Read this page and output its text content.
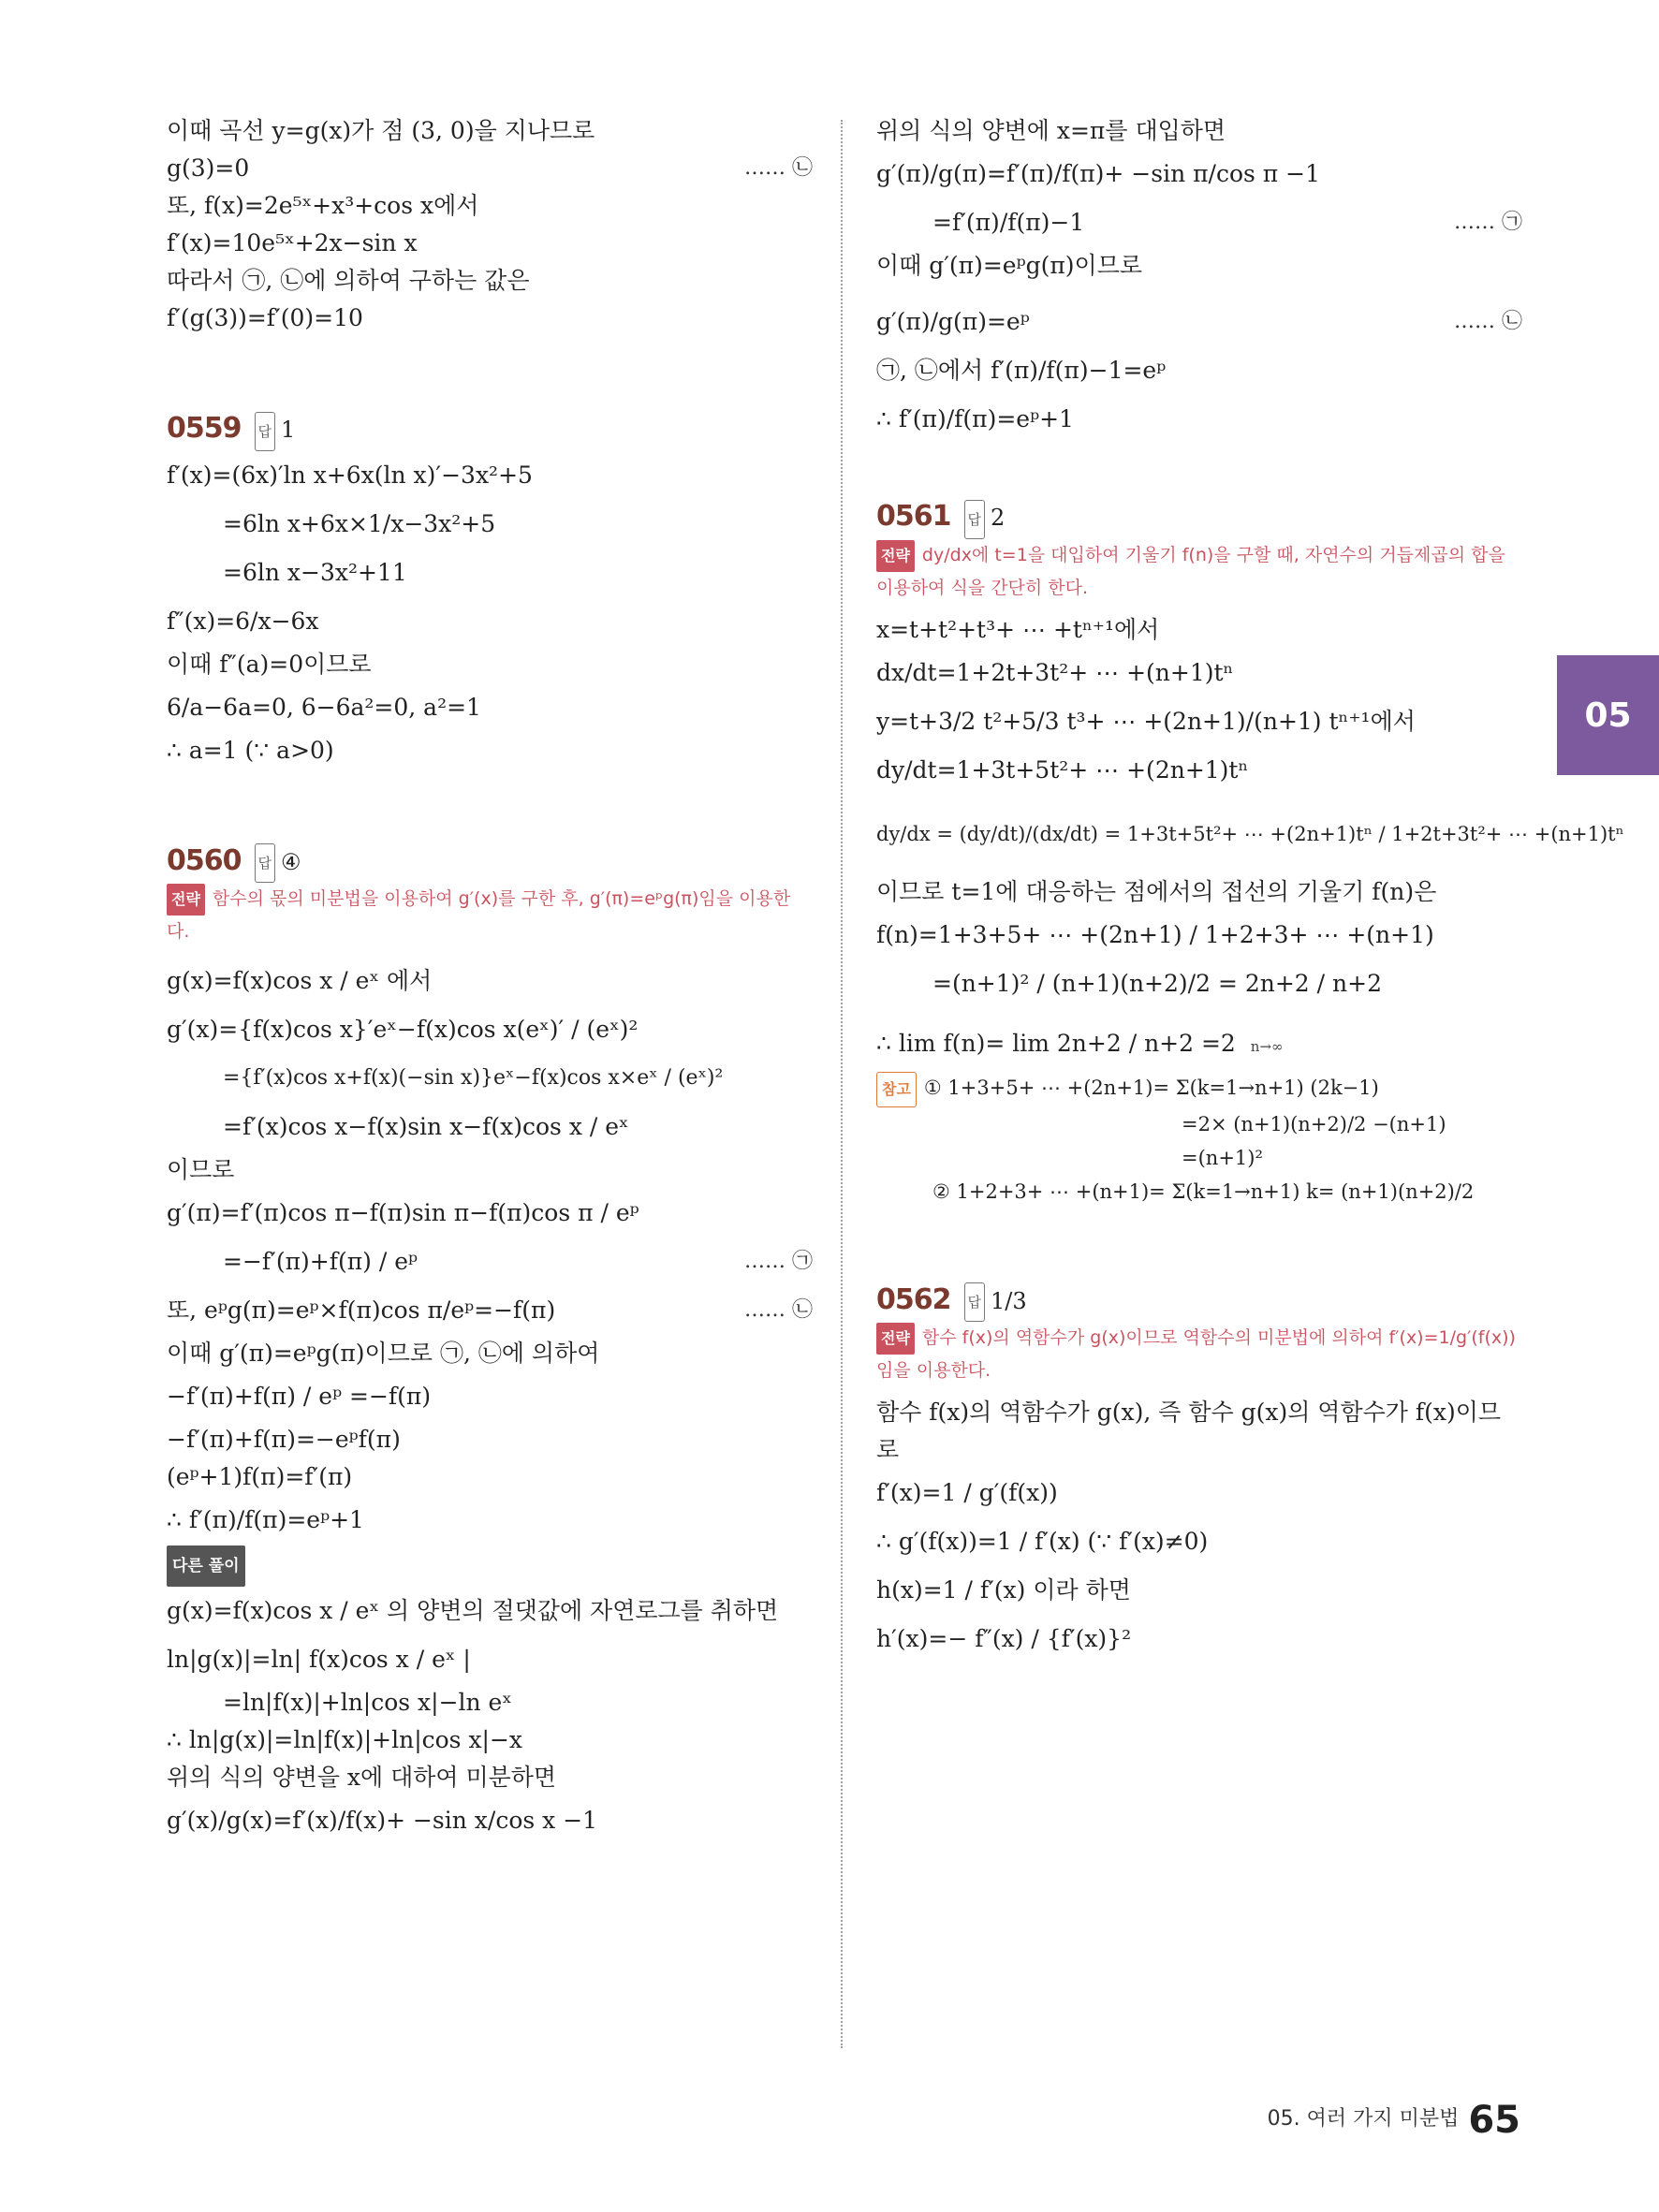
이때 곡선 y=g(x)가 점 (3, 0)을 지나므로
g(3)=0	…… ㉡
또, f(x)=2e⁵ˣ+x³+cos x에서
f′(x)=10e⁵ˣ+2x−sin x
따라서 ㉠, ㉡에 의하여 구하는 값은
f′(g(3))=f′(0)=10
0559 답 1
f′(x)=(6x)′ln x+6x(ln x)′−3x²+5
=6ln x+6x×1/x−3x²+5
=6ln x−3x²+11
f″(x)=6/x−6x
이때 f″(a)=0이므로
6/a−6a=0, 6−6a²=0, a²=1
∴ a=1 (∵ a>0)
0560 답 ④
전략 함수의 몫의 미분법을 이용하여 g′(x)를 구한 후, g′(π)=eᵖg(π)임을 이용한다.
g(x)=f(x)cos x / eˣ 에서
g′(x)={f(x)cos x}′eˣ−f(x)cos x(eˣ)′ / (eˣ)²
={f′(x)cos x+f(x)(−sin x)}eˣ−f(x)cos x×eˣ / (eˣ)²
=f′(x)cos x−f(x)sin x−f(x)cos x / eˣ
이므로
g′(π)=f′(π)cos π−f(π)sin π−f(π)cos π / eᵖ
=−f′(π)+f(π) / eᵖ	…… ㉠
또, eᵖg(π)=eᵖ×f(π)cos π/eᵖ=−f(π)	…… ㉡
이때 g′(π)=eᵖg(π)이므로 ㉠, ㉡에 의하여
−f′(π)+f(π) / eᵖ =−f(π)
−f′(π)+f(π)=−eᵖf(π)
(eᵖ+1)f(π)=f′(π)
∴ f′(π)/f(π)=eᵖ+1
다른 풀이
g(x)=f(x)cos x / eˣ 의 양변의 절댓값에 자연로그를 취하면
ln|g(x)|=ln| f(x)cos x / eˣ |
=ln|f(x)|+ln|cos x|−ln eˣ
∴ ln|g(x)|=ln|f(x)|+ln|cos x|−x
위의 식의 양변을 x에 대하여 미분하면
g′(x)/g(x)=f′(x)/f(x)+ −sin x/cos x −1
위의 식의 양변에 x=π를 대입하면
g′(π)/g(π)=f′(π)/f(π)+ −sin π/cos π −1
=f′(π)/f(π)−1	…… ㉠
이때 g′(π)=eᵖg(π)이므로
g′(π)/g(π)=eᵖ	…… ㉡
㉠, ㉡에서 f′(π)/f(π)−1=eᵖ
∴ f′(π)/f(π)=eᵖ+1
0561 답 2
전략 dy/dx에 t=1을 대입하여 기울기 f(n)을 구할 때, 자연수의 거듭제곱의 합을 이용하여 식을 간단히 한다.
x=t+t²+t³+ ⋯ +tⁿ⁺¹에서
dx/dt=1+2t+3t²+ ⋯ +(n+1)tⁿ
y=t+3/2 t²+5/3 t³+ ⋯ +(2n+1)/(n+1) tⁿ⁺¹에서
dy/dt=1+3t+5t²+ ⋯ +(2n+1)tⁿ
dy/dx = (dy/dt)/(dx/dt) = 1+3t+5t²+ ⋯ +(2n+1)tⁿ / 1+2t+3t²+ ⋯ +(n+1)tⁿ
이므로 t=1에 대응하는 점에서의 접선의 기울기 f(n)은
f(n)=1+3+5+ ⋯ +(2n+1) / 1+2+3+ ⋯ +(n+1)
=(n+1)² / (n+1)(n+2)/2 = 2n+2 / n+2
∴ lim f(n)= lim 2n+2 / n+2 =2 n→∞
참고 ① 1+3+5+ ⋯ +(2n+1)= Σ(k=1→n+1) (2k−1)
=2× (n+1)(n+2)/2 −(n+1)
=(n+1)²
② 1+2+3+ ⋯ +(n+1)= Σ(k=1→n+1) k= (n+1)(n+2)/2
0562 답 1/3
전략 함수 f(x)의 역함수가 g(x)이므로 역함수의 미분법에 의하여 f′(x)=1/g′(f(x))임을 이용한다.
함수 f(x)의 역함수가 g(x), 즉 함수 g(x)의 역함수가 f(x)이므로
f′(x)=1 / g′(f(x))
∴ g′(f(x))=1 / f′(x) (∵ f′(x)≠0)
h(x)=1 / f′(x) 이라 하면
h′(x)=− f″(x) / {f′(x)}²
05
05. 여러 가지 미분법 65
